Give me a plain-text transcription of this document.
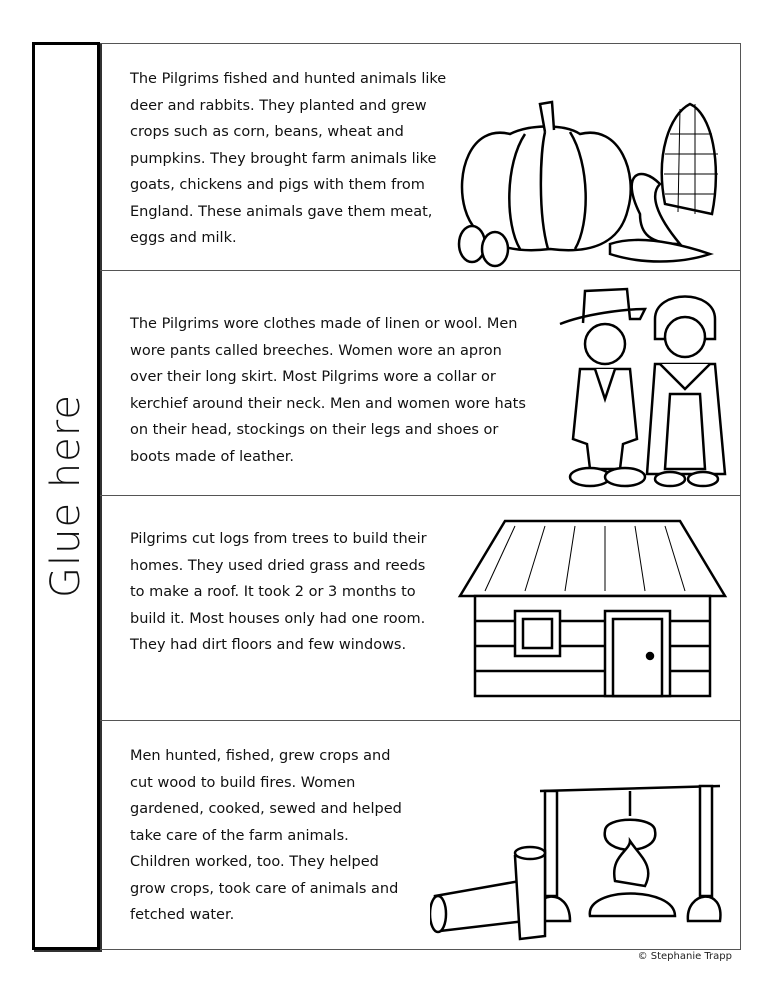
Glue here
The Pilgrims fished and hunted animals like
deer and rabbits. They planted and grew
crops such as corn, beans, wheat and
pumpkins. They brought farm animals like
goats, chickens and pigs with them from
England. These animals gave them meat,
eggs and milk.
The Pilgrims wore clothes made of linen or wool. Men
wore pants called breeches. Women wore an apron
over their long skirt. Most Pilgrims wore a collar or
kerchief around their neck. Men and women wore hats
on their head, stockings on their legs and shoes or
boots made of leather.
Pilgrims cut logs from trees to build their
homes. They used dried grass and reeds
to make a roof. It took 2 or 3 months to
build it. Most houses only had one room.
They had dirt floors and few windows.
Men hunted, fished, grew crops and
cut wood to build fires. Women
gardened, cooked, sewed and helped
take care of the farm animals.
Children worked, too. They helped
grow crops, took care of animals and
fetched water.
© Stephanie Trapp
